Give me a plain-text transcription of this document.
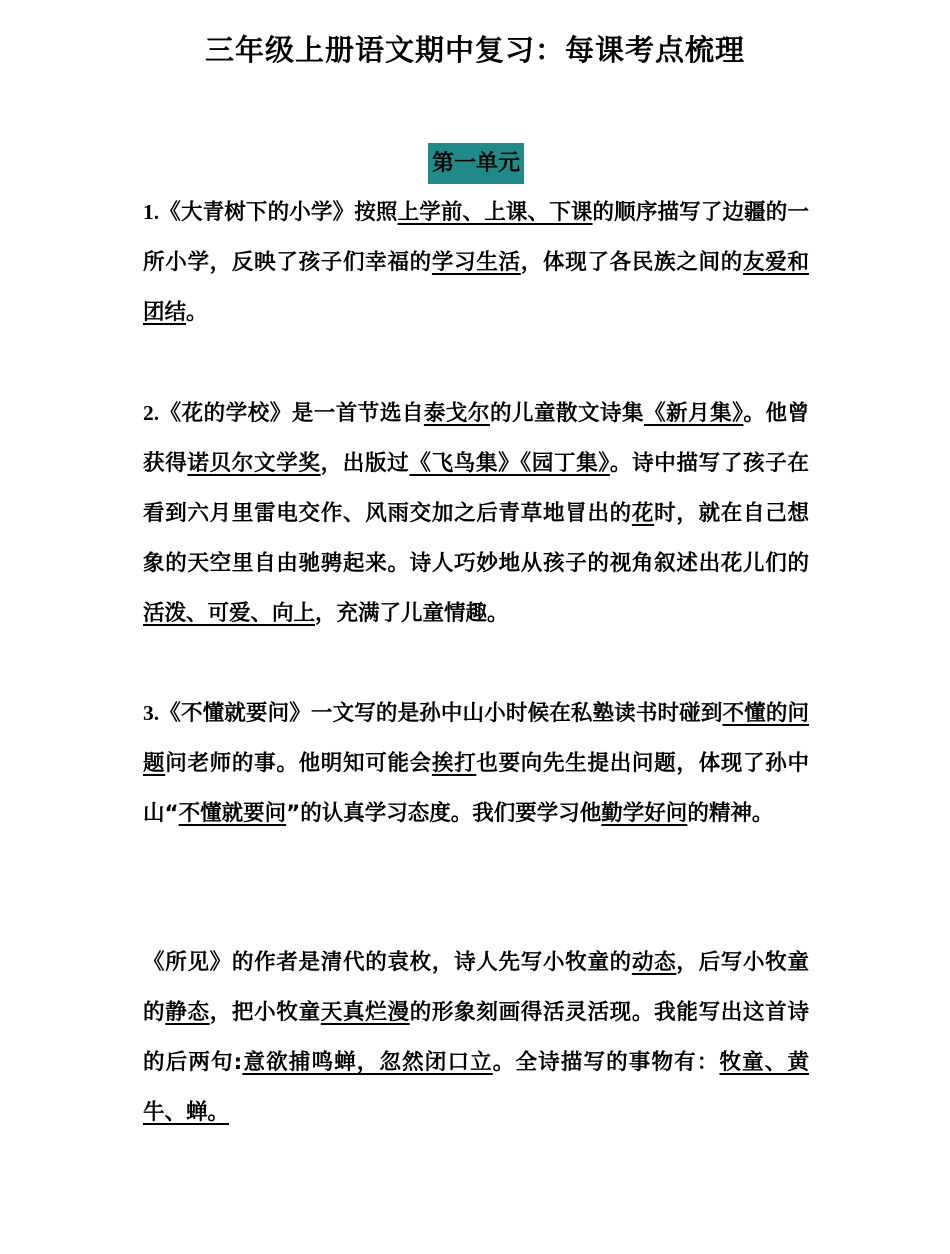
三年级上册语文期中复习：每课考点梳理
第一单元
1.《大青树下的小学》按照上学前、上课、下课的顺序描写了边疆的一所小学，反映了孩子们幸福的学习生活，体现了各民族之间的友爱和团结。
2.《花的学校》是一首节选自泰戈尔的儿童散文诗集《新月集》。他曾获得诺贝尔文学奖，出版过《飞鸟集》《园丁集》。诗中描写了孩子在看到六月里雷电交作、风雨交加之后青草地冒出的花时，就在自己想象的天空里自由驰骋起来。诗人巧妙地从孩子的视角叙述出花儿们的活泼、可爱、向上，充满了儿童情趣。
3.《不懂就要问》一文写的是孙中山小时候在私塾读书时碰到不懂的问题问老师的事。他明知可能会挨打也要向先生提出问题，体现了孙中山“不懂就要问”的认真学习态度。我们要学习他勤学好问的精神。
《所见》的作者是清代的袁枚，诗人先写小牧童的动态，后写小牧童的静态，把小牧童天真烂漫的形象刻画得活灵活现。我能写出这首诗的后两句:意欲捕鸣蝉，忽然闭口立。全诗描写的事物有：牧童、黄牛、蝉。
